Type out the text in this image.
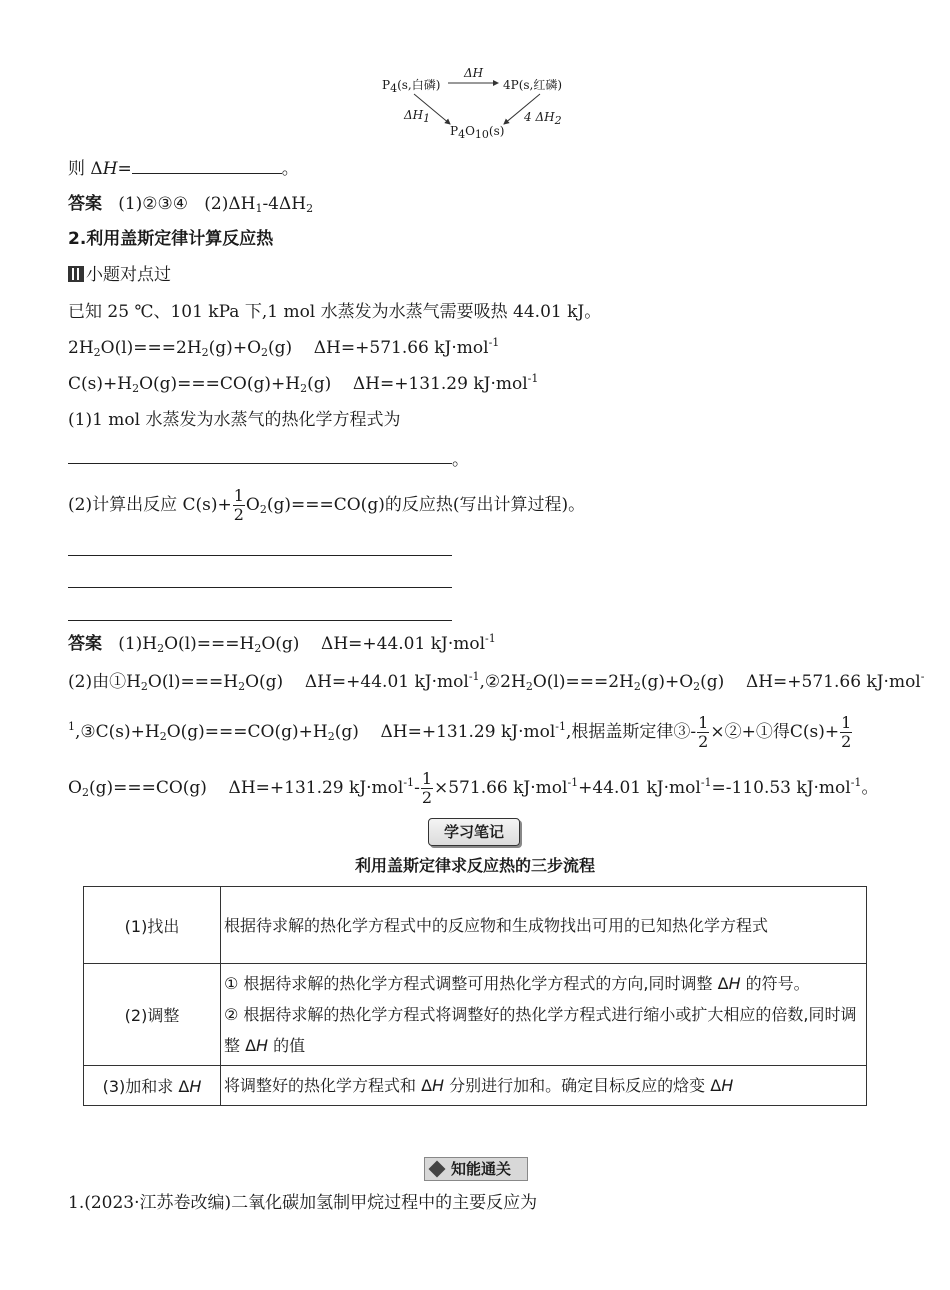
$P_4(s$,白磷)
ΔH
4P(s,红磷)
$P_4O_{10}(s)$
$\Delta H_1$	4 $\Delta H_2$
则 ΔH=	。
答案 (1)②③④ $(2)\Delta H_1-4\Delta H_2$
2.利用盖斯定律计算反应热
小题对点过
已知 25 ℃、101 kPa 下,1 mol 水蒸发为水蒸气需要吸热 44.01 kJ。
$2H_2O(l)===2H_2(g)+O_2(g)$ ΔH=+571.66 kJ·mol$^{-1}$
$C(s)+H_2O(g)===CO(g)+H_2(g)$ ΔH=+131.29 kJ·mol$^{-1}$
(1)1 mol 水蒸发为水蒸气的热化学方程式为
。
(2)计算出反应 $C(s)+ \frac{1}{2} O_2(g)===CO(g)$的反应热(写出计算过程)。
答案 $(1)H_2O(l)===H_2O(g)$ ΔH=+44.01 kJ·mol$^{-1}$
(2)由$①H_2O(l)===H_2O(g)$ ΔH=+44.01 $kJ\cdot mol^{-1},②2H_2O(l)===2H_2(g)+O_2(g)$ ΔH=+571.66 kJ·mol-
$^1,③C(s)+H_2O(g)===CO(g)+H_2(g)$ ΔH=+131.29 kJ·mol$^{-1}$,根据盖斯定律③- $\frac{1}{2}$ ×②+①得$C(s)+ \frac{1}{2}$
$O_2(g)===CO(g)$ ΔH=+131.29 $kJ\cdot mol^{-1}- \frac{1}{2} \times 571.66$ kJ·mol$^{-1}$+44.01 kJ·mol$^{-1}$=-110.53 kJ·mol$^{-1}$。
学习笔记
利用盖斯定律求反应热的三步流程
(1)找出	根据待求解的热化学方程式中的反应物和生成物找出可用的已知热化学方程式
(2)调整	① 根据待求解的热化学方程式调整可用热化学方程式的方向,同时调整 ΔH 的符号。
② 根据待求解的热化学方程式将调整好的热化学方程式进行缩小或扩大相应的倍数,同时调整 ΔH 的值
(3)加和求 ΔH	将调整好的热化学方程式和 ΔH 分别进行加和。确定目标反应的焓变 ΔH
知能通关
1.(2023·江苏卷改编)二氧化碳加氢制甲烷过程中的主要反应为
